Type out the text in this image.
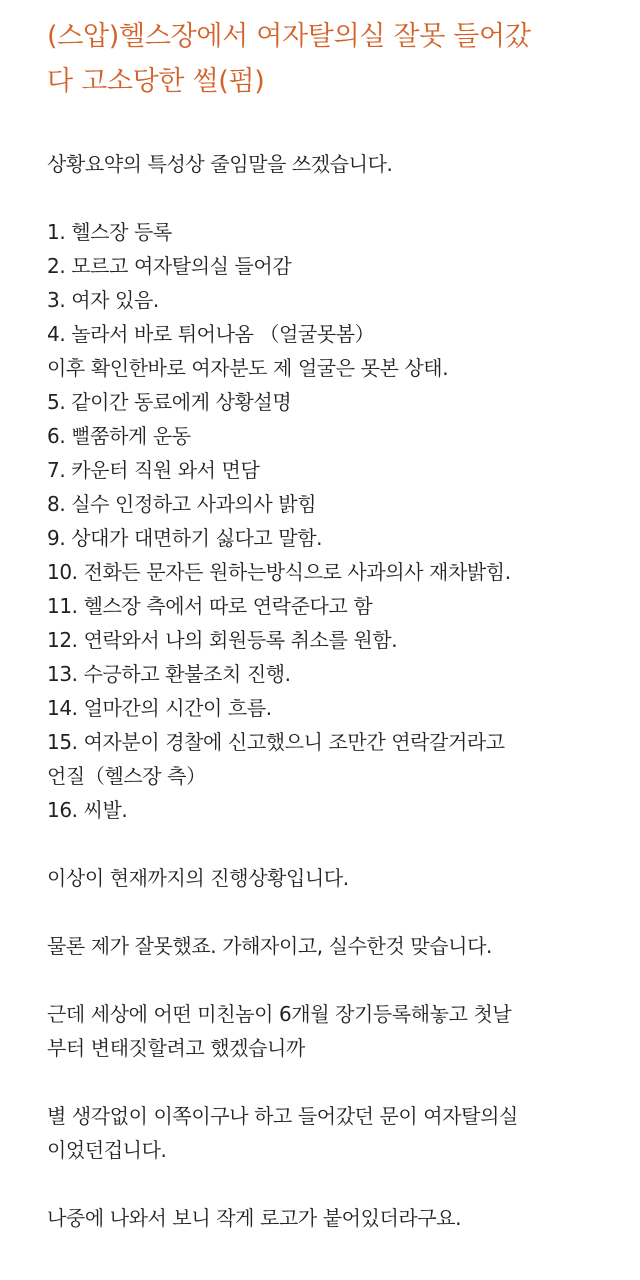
(스압)헬스장에서 여자탈의실 잘못 들어갔
다 고소당한 썰(펌)
상황요약의 특성상 줄임말을 쓰겠습니다.
1. 헬스장 등록
2. 모르고 여자탈의실 들어감
3. 여자 있음.
4. 놀라서 바로 튀어나옴 （얼굴못봄）
이후 확인한바로 여자분도 제 얼굴은 못본 상태.
5. 같이간 동료에게 상황설명
6. 뻘쭘하게 운동
7. 카운터 직원 와서 면담
8. 실수 인정하고 사과의사 밝힘
9. 상대가 대면하기 싫다고 말함.
10. 전화든 문자든 원하는방식으로 사과의사 재차밝힘.
11. 헬스장 측에서 따로 연락준다고 함
12. 연락와서 나의 회원등록 취소를 원함.
13. 수긍하고 환불조치 진행.
14. 얼마간의 시간이 흐름.
15. 여자분이 경찰에 신고했으니 조만간 연락갈거라고
언질（헬스장 측）
16. 씨발.
이상이 현재까지의 진행상황입니다.
물론 제가 잘못했죠. 가해자이고, 실수한것 맞습니다.
근데 세상에 어떤 미친놈이 6개월 장기등록해놓고 첫날
부터 변태짓할려고 했겠습니까
별 생각없이 이쪽이구나 하고 들어갔던 문이 여자탈의실
이었던겁니다.
나중에 나와서 보니 작게 로고가 붙어있더라구요.
